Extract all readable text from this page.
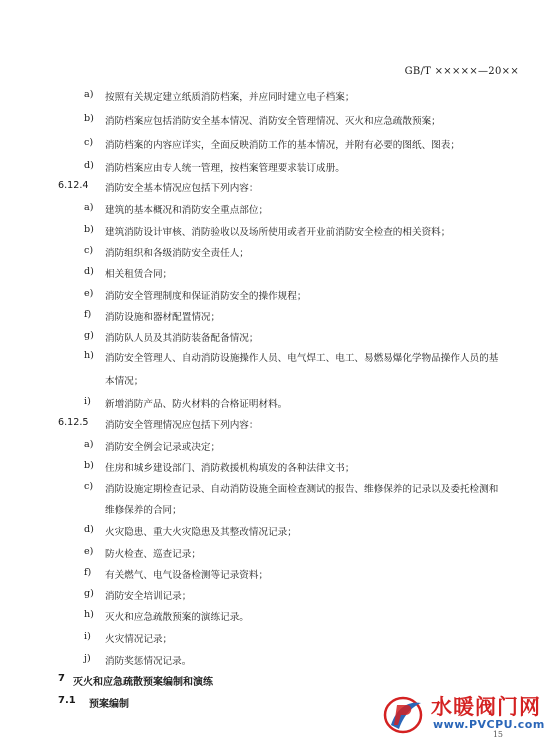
GB/T ×××××—20××
a) 按照有关规定建立纸质消防档案，并应同时建立电子档案；
b) 消防档案应包括消防安全基本情况、消防安全管理情况、灭火和应急疏散预案；
c) 消防档案的内容应详实，全面反映消防工作的基本情况，并附有必要的图纸、图表；
d) 消防档案应由专人统一管理，按档案管理要求装订成册。
6.12.4 消防安全基本情况应包括下列内容：
a) 建筑的基本概况和消防安全重点部位；
b) 建筑消防设计审核、消防验收以及场所使用或者开业前消防安全检查的相关资料；
c) 消防组织和各级消防安全责任人；
d) 相关租赁合同；
e) 消防安全管理制度和保证消防安全的操作规程；
f) 消防设施和器材配置情况；
g) 消防队人员及其消防装备配备情况；
h) 消防安全管理人、自动消防设施操作人员、电气焊工、电工、易燃易爆化学物品操作人员的基
本情况；
i) 新增消防产品、防火材料的合格证明材料。
6.12.5 消防安全管理情况应包括下列内容：
a) 消防安全例会记录或决定；
b) 住房和城乡建设部门、消防救援机构填发的各种法律文书；
c) 消防设施定期检查记录、自动消防设施全面检查测试的报告、维修保养的记录以及委托检测和
维修保养的合同；
d) 火灾隐患、重大火灾隐患及其整改情况记录；
e) 防火检查、巡查记录；
f) 有关燃气、电气设备检测等记录资料；
g) 消防安全培训记录；
h) 灭火和应急疏散预案的演练记录。
i) 火灾情况记录；
j) 消防奖惩情况记录。
7 灭火和应急疏散预案编制和演练
7.1 预案编制
15
水暖阀门网
www.PVCPU.com
